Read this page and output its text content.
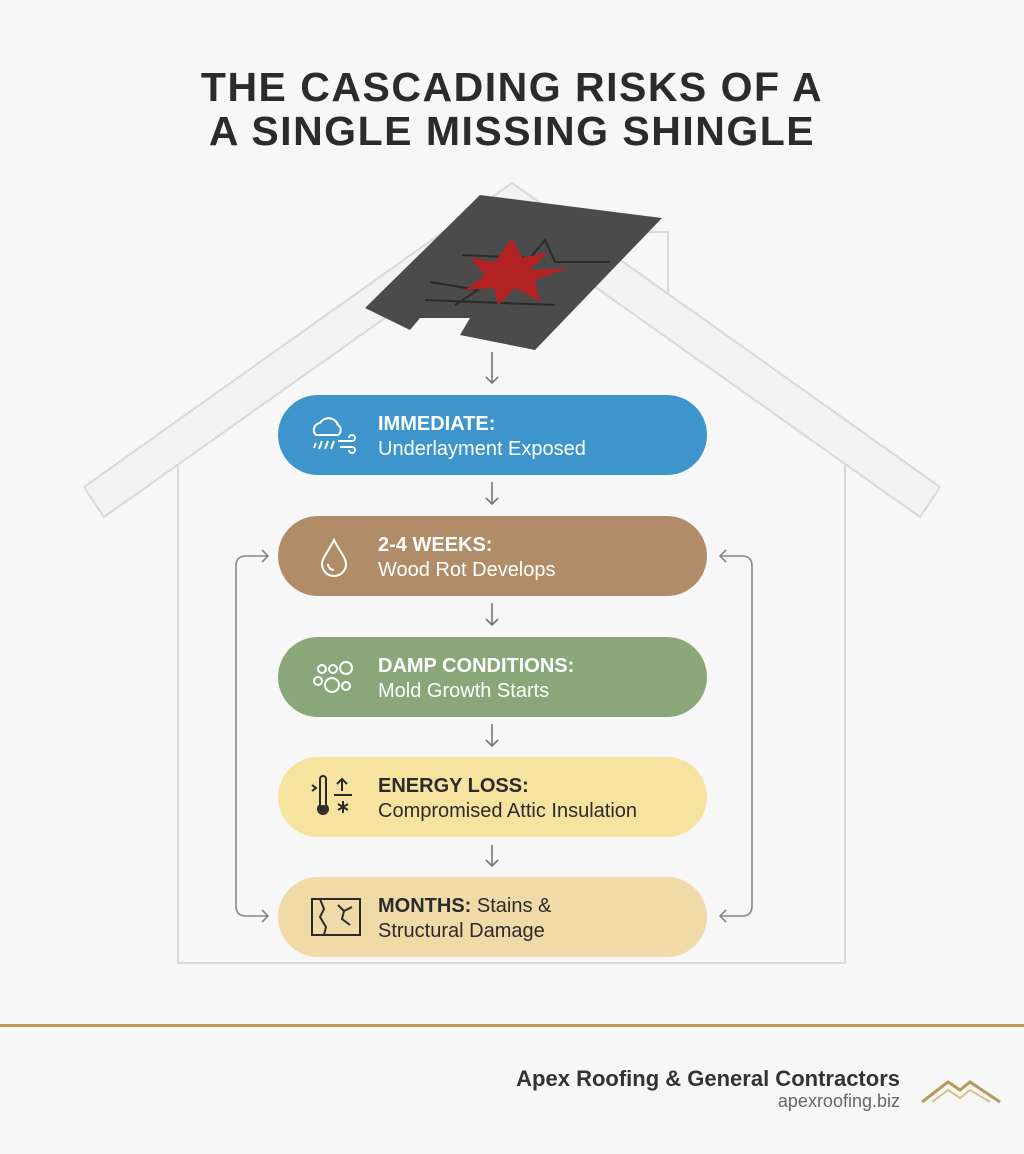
THE CASCADING RISKS OF A
A SINGLE MISSING SHINGLE
IMMEDIATE:
Underlayment Exposed
2-4 WEEKS:
Wood Rot Develops
DAMP CONDITIONS:
Mold Growth Starts
ENERGY LOSS:
Compromised Attic Insulation
MONTHS: Stains &
Structural Damage
Apex Roofing & General Contractors
apexroofing.biz
